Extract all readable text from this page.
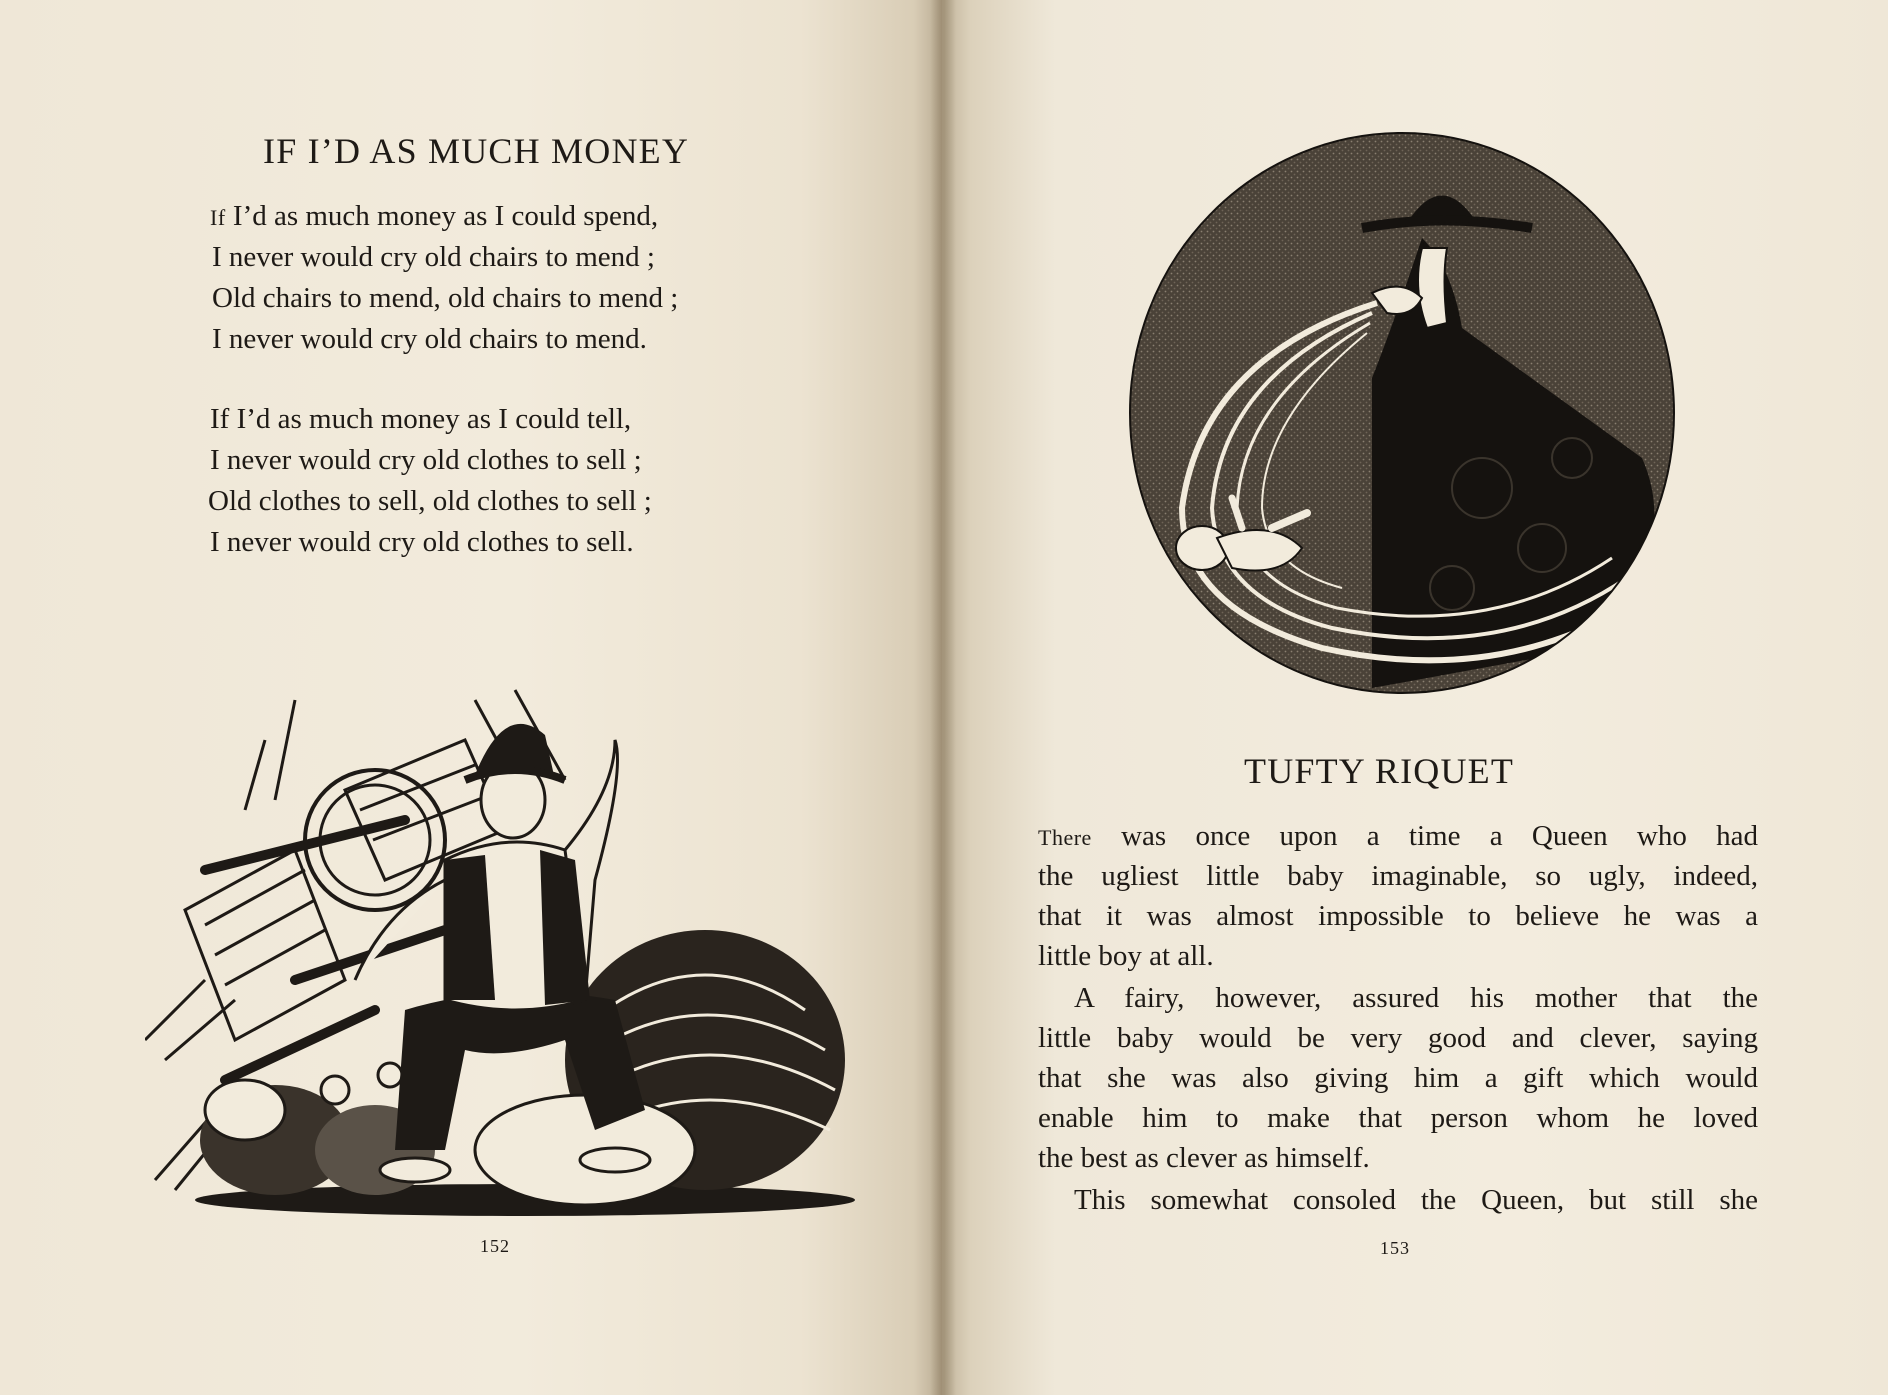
IF I’D AS MUCH MONEY
If I’d as much money as I could spend,
I never would cry old chairs to mend ;
Old chairs to mend, old chairs to mend ;
I never would cry old chairs to mend.
If I’d as much money as I could tell,
I never would cry old clothes to sell ;
Old clothes to sell, old clothes to sell ;
I never would cry old clothes to sell.
152
TUFTY RIQUET
153
There was once upon a time a Queen who had
the ugliest little baby imaginable, so ugly, indeed,
that it was almost impossible to believe he was a
little boy at all.
A fairy, however, assured his mother that the
little baby would be very good and clever, saying
that she was also giving him a gift which would
enable him to make that person whom he loved
the best as clever as himself.
This somewhat consoled the Queen, but still she
